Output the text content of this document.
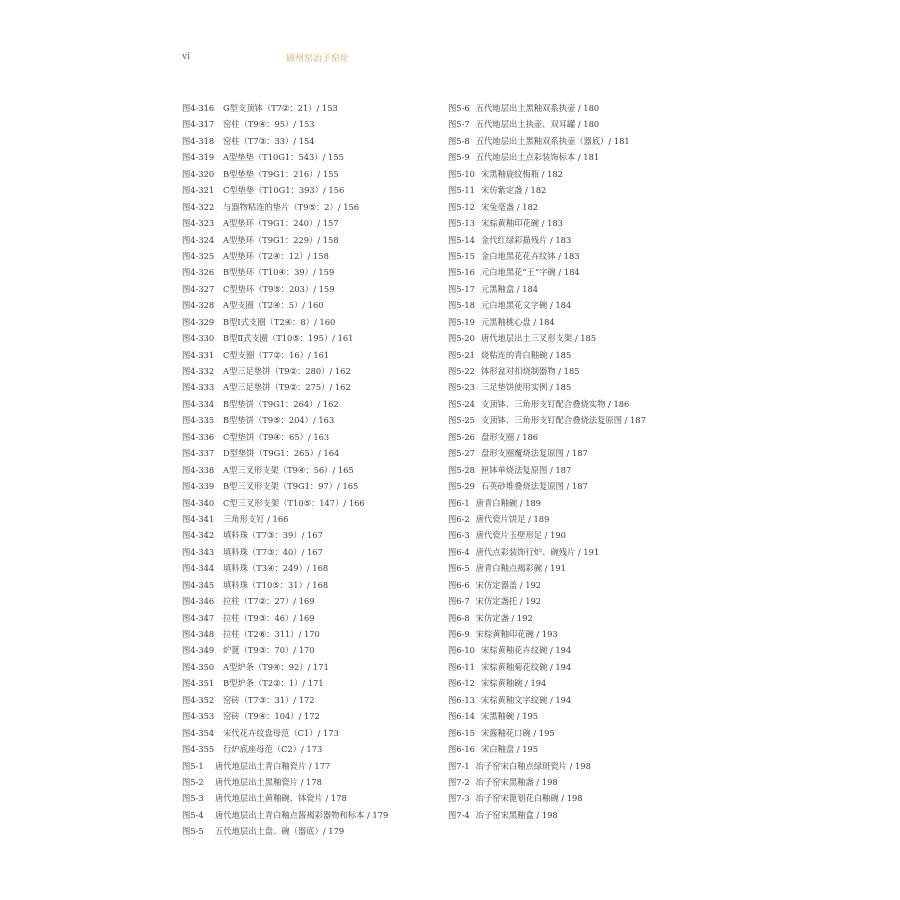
vi	磁州窑冶子窑址
图4-316 G型支顶钵（T7②：21）/ 153
图4-317 窑柱（T9④：95）/ 153
图4-318 窑柱（T7③：33）/ 154
图4-319 A型垫垫（T10G1：543）/ 155
图4-320 B型垫垫（T9G1：216）/ 155
图4-321 C型垫垫（T10G1：393）/ 156
图4-322 与器物粘连的垫片（T9⑤：2）/ 156
图4-323 A型垫环（T9G1：240）/ 157
图4-324 A型垫环（T9G1：229）/ 158
图4-325 A型垫环（T2④：12）/ 158
图4-326 B型垫环（T10④：39）/ 159
图4-327 C型垫环（T9⑤：203）/ 159
图4-328 A型支圈（T2④：5）/ 160
图4-329 B型Ⅰ式支圈（T2④：8）/ 160
图4-330 B型Ⅱ式支圈（T10⑤：195）/ 161
图4-331 C型支圈（T7②：16）/ 161
图4-332 A型三足垫饼（T9②：280）/ 162
图4-333 A型三足垫饼（T9②：275）/ 162
图4-334 B型垫饼（T9G1：264）/ 162
图4-335 B型垫饼（T9⑤：204）/ 163
图4-336 C型垫饼（T9④：65）/ 163
图4-337 D型垫饼（T9G1：265）/ 164
图4-338 A型三叉形支架（T9④：56）/ 165
图4-339 B型三叉形支架（T9G1：97）/ 165
图4-340 C型三叉形支架（T10⑤：147）/ 166
图4-341 三角形支钉 / 166
图4-342 填料珠（T7③：39）/ 167
图4-343 填料珠（T7③：40）/ 167
图4-344 填料珠（T3④：249）/ 168
图4-345 填料珠（T10⑤：31）/ 168
图4-346 拉柱（T7②：27）/ 169
图4-347 拉柱（T9③：46）/ 169
图4-348 拉柱（T2⑥：311）/ 170
图4-349 炉篦（T9③：70）/ 170
图4-350 A型炉条（T9④：92）/ 171
图4-351 B型炉条（T2②：1）/ 171
图4-352 窑砖（T7③：31）/ 172
图4-353 窑砖（T9④：104）/ 172
图4-354 宋代花卉纹盘母范（C1）/ 173
图4-355 行炉底座母范（C2）/ 173
图5-1 唐代地层出土青白釉瓷片 / 177
图5-2 唐代地层出土黑釉瓷片 / 178
图5-3 唐代地层出土黄釉碗、钵瓷片 / 178
图5-4 唐代地层出土青白釉点酱褐彩器物和标本 / 179
图5-5 五代地层出土盘、碗（器底）/ 179
图5-6 五代地层出土黑釉双系执壶 / 180
图5-7 五代地层出土执壶、双耳罐 / 180
图5-8 五代地层出土黑釉双系执壶（器底）/ 181
图5-9 五代地层出土点彩装饰标本 / 181
图5-10 宋黑釉旋纹梅瓶 / 182
图5-11 宋仿紫定盏 / 182
图5-12 宋兔毫盏 / 182
图5-13 宋棕黄釉印花碗 / 183
图5-14 金代红绿彩描残片 / 183
图5-15 金白地黑花花卉纹钵 / 183
图5-16 元白地黑花“王”字碗 / 184
图5-17 元黑釉盒 / 184
图5-18 元白地黑花文字碗 / 184
图5-19 元黑釉桃心盘 / 184
图5-20 唐代地层出土三叉形支架 / 185
图5-21 烧粘连的青白釉碗 / 185
图5-22 钵形盆对扣烧制器物 / 185
图5-23 三足垫饼使用实例 / 185
图5-24 支顶钵、三角形支钉配合叠烧实物 / 186
图5-25 支顶钵、三角形支钉配合叠烧法复原图 / 187
图5-26 盘形支圈 / 186
图5-27 盘形支圈覆烧法复原图 / 187
图5-28 匣钵单烧法复原图 / 187
图5-29 石英砂堆叠烧法复原图 / 187
图6-1 唐青白釉碗 / 189
图6-2 唐代瓷片饼足 / 189
图6-3 唐代瓷片玉壁形足 / 190
图6-4 唐代点彩装饰行炉、碗残片 / 191
图6-5 唐青白釉点褐彩碗 / 191
图6-6 宋仿定器盖 / 192
图6-7 宋仿定盏托 / 192
图6-8 宋仿定盏 / 192
图6-9 宋棕黄釉印花碗 / 193
图6-10 宋棕黄釉花卉纹碗 / 194
图6-11 宋棕黄釉菊花纹碗 / 194
图6-12 宋棕黄釉碗 / 194
图6-13 宋棕黄釉文字纹碗 / 194
图6-14 宋黑釉碗 / 195
图6-15 宋酱釉花口碗 / 195
图6-16 宋白釉盘 / 195
图7-1 冶子窑宋白釉点绿斑瓷片 / 198
图7-2 冶子窑宋黑釉盏 / 198
图7-3 冶子窑宋篦划花白釉碗 / 198
图7-4 冶子窑宋黑釉盒 / 198
